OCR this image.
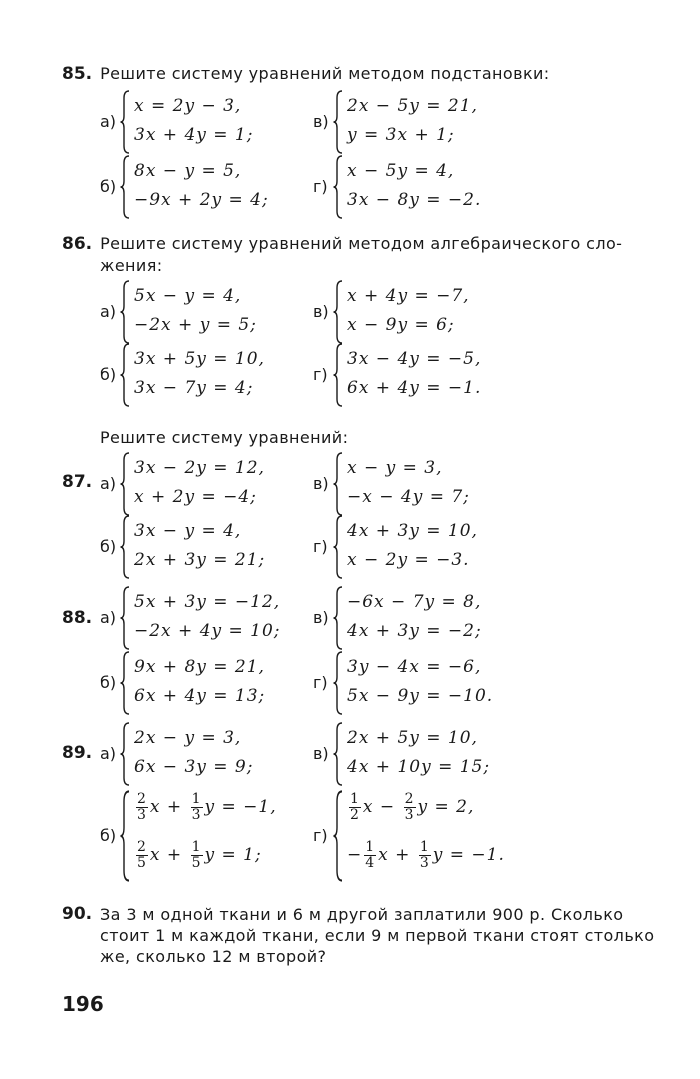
85. Решите систему уравнений методом подстановки:
а)
x = 2y − 3,
3x + 4y = 1;
в)
2x − 5y = 21,
y = 3x + 1;
б)
8x − y = 5,
−9x + 2y = 4;
г)
x − 5y = 4,
3x − 8y = −2.
86. Решите систему уравнений методом алгебраического сло-
жения:
а)
5x − y = 4,
−2x + y = 5;
в)
x + 4y = −7,
x − 9y = 6;
б)
3x + 5y = 10,
3x − 7y = 4;
г)
3x − 4y = −5,
6x + 4y = −1.
Решите систему уравнений:
87. а)
3x − 2y = 12,
x + 2y = −4;
в)
x − y = 3,
−x − 4y = 7;
б)
3x − y = 4,
2x + 3y = 21;
г)
4x + 3y = 10,
x − 2y = −3.
88. а)
5x + 3y = −12,
−2x + 4y = 10;
в)
−6x − 7y = 8,
4x + 3y = −2;
б)
9x + 8y = 21,
6x + 4y = 13;
г)
3y − 4x = −6,
5x − 9y = −10.
89. а)
2x − y = 3,
6x − 3y = 9;
в)
2x + 5y = 10,
4x + 10y = 15;
б)
$\frac{2}{3}$ $x + \frac{1}{3}$ y = −1,
$\frac{2}{5}$ $x + \frac{1}{5}$ y = 1;
г)
$\frac{1}{2}$ $x - \frac{2}{3}$ y = 2,
− $\frac{1}{4}$ $x + \frac{1}{3}$ y = −1.
90. За 3 м одной ткани и 6 м другой заплатили 900 р. Сколько
стоит 1 м каждой ткани, если 9 м первой ткани стоят столько
же, сколько 12 м второй?
196
